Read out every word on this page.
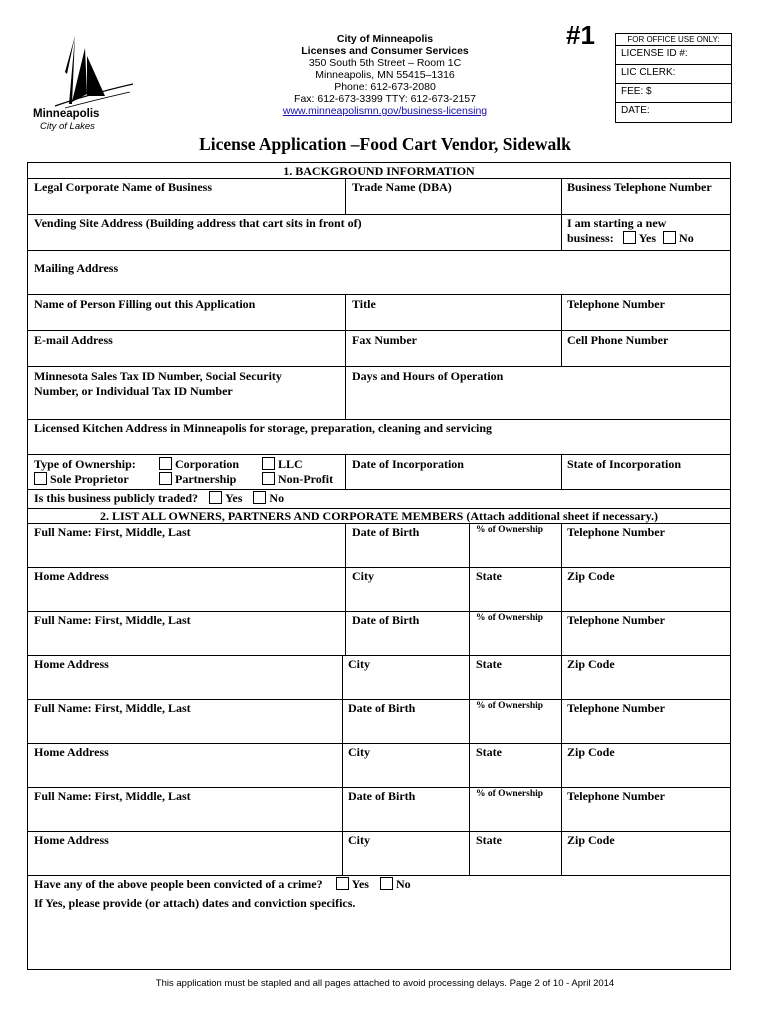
Minneapolis
City of Lakes
City of Minneapolis
Licenses and Consumer Services
350 South 5th Street – Room 1C
Minneapolis, MN 55415–1316
Phone: 612-673-2080
Fax: 612-673-3399 TTY: 612-673-2157
www.minneapolismn.gov/business-licensing
#1	FOR OFFICE USE ONLY:
LICENSE ID #:
LIC CLERK:
FEE: $
DATE:
License Application –Food Cart Vendor, Sidewalk
1. BACKGROUND INFORMATION
Legal Corporate Name of Business	Trade Name (DBA)	Business Telephone Number
Vending Site Address (Building address that cart sits in front of)	I am starting a new
business: Yes No
Mailing Address
Name of Person Filling out this Application	Title	Telephone Number
E-mail Address	Fax Number	Cell Phone Number
Minnesota Sales Tax ID Number, Social Security
Number, or Individual Tax ID Number
Days and Hours of Operation
Licensed Kitchen Address in Minneapolis for storage, preparation, cleaning and servicing
Type of Ownership:	Corporation	LLC
Sole Proprietor	Partnership	Non-Profit
Date of Incorporation	State of Incorporation
Is this business publicly traded? Yes No
2. LIST ALL OWNERS, PARTNERS AND CORPORATE MEMBERS (Attach additional sheet if necessary.)
Full Name: First, Middle, Last	Date of Birth	% of Ownership Telephone Number
Home Address	City	State	Zip Code
Full Name: First, Middle, Last	Date of Birth	% of Ownership Telephone Number
Home Address	City	State	Zip Code
Full Name: First, Middle, Last	Date of Birth	% of Ownership Telephone Number
Home Address	City	State	Zip Code
Full Name: First, Middle, Last	Date of Birth	% of Ownership Telephone Number
Home Address	City	State	Zip Code
Have any of the above people been convicted of a crime? Yes No
If Yes, please provide (or attach) dates and conviction specifics.
This application must be stapled and all pages attached to avoid processing delays. Page 2 of 10 - April 2014
